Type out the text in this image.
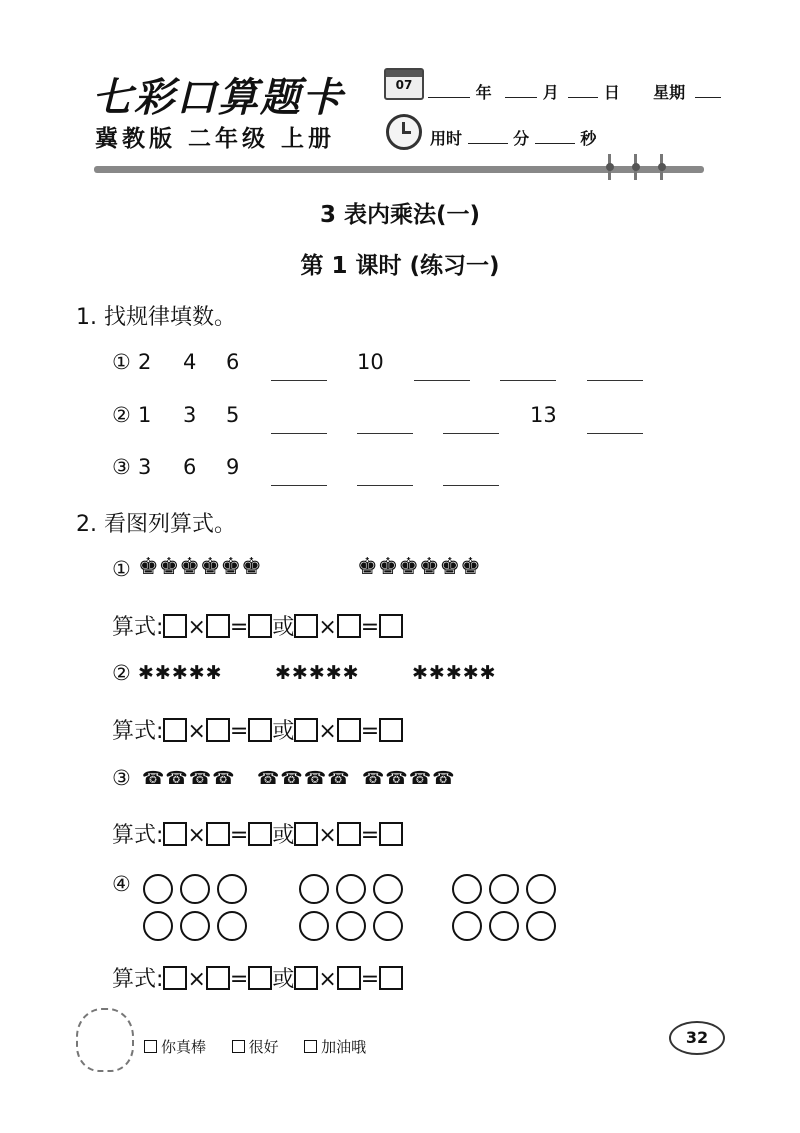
七彩口算题卡
冀教版 二年级 上册
07	年	月	日 星期
用时	分	秒
3 表内乘法(一)
第 1 课时 (练习一)
1. 找规律填数。
① 2 4 6	10
② 1 3 5	13
③ 3 6 9
2. 看图列算式。
① ♚♚♚♚♚♚	♚♚♚♚♚♚
算式: × = 或 × =
② ✱✱✱✱✱	✱✱✱✱✱	✱✱✱✱✱
算式: × = 或 × =
③ ☎☎☎☎ ☎☎☎☎ ☎☎☎☎
算式: × = 或 × =
④
算式: × = 或 × =
你真棒	很好	加油哦	32
